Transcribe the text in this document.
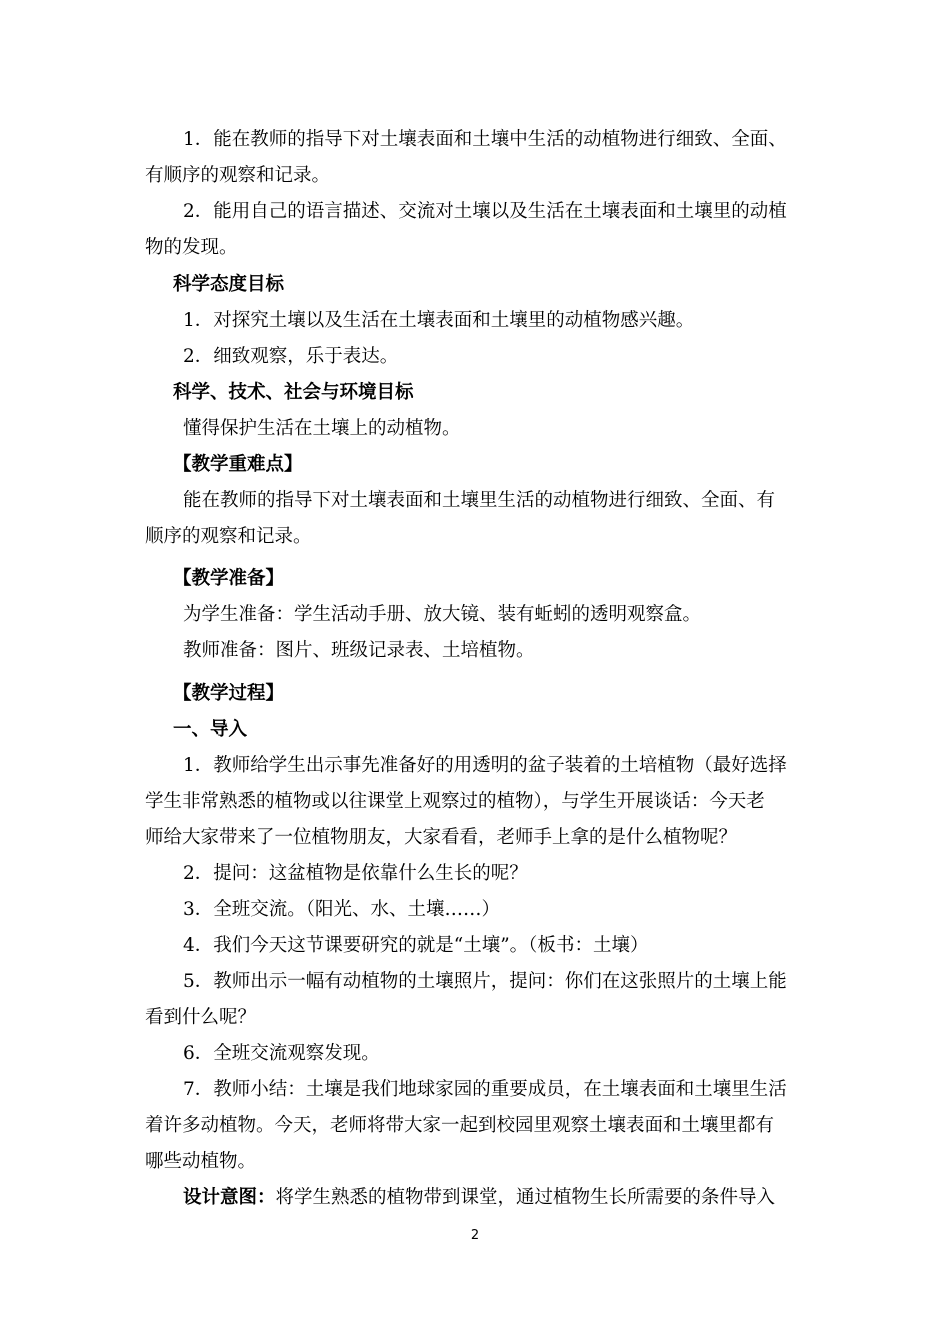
1．能在教师的指导下对土壤表面和土壤中生活的动植物进行细致、全面、
有顺序的观察和记录。
2．能用自己的语言描述、交流对土壤以及生活在土壤表面和土壤里的动植
物的发现。
科学态度目标
1．对探究土壤以及生活在土壤表面和土壤里的动植物感兴趣。
2．细致观察，乐于表达。
科学、技术、社会与环境目标
懂得保护生活在土壤上的动植物。
【教学重难点】
能在教师的指导下对土壤表面和土壤里生活的动植物进行细致、全面、有
顺序的观察和记录。
【教学准备】
为学生准备：学生活动手册、放大镜、装有蚯蚓的透明观察盒。
教师准备：图片、班级记录表、土培植物。
【教学过程】
一、导入
1．教师给学生出示事先准备好的用透明的盆子装着的土培植物（最好选择
学生非常熟悉的植物或以往课堂上观察过的植物），与学生开展谈话：今天老
师给大家带来了一位植物朋友，大家看看，老师手上拿的是什么植物呢？
2．提问：这盆植物是依靠什么生长的呢？
3．全班交流。（阳光、水、土壤……）
4．我们今天这节课要研究的就是“土壤”。（板书：土壤）
5．教师出示一幅有动植物的土壤照片，提问：你们在这张照片的土壤上能
看到什么呢？
6．全班交流观察发现。
7．教师小结：土壤是我们地球家园的重要成员，在土壤表面和土壤里生活
着许多动植物。今天，老师将带大家一起到校园里观察土壤表面和土壤里都有
哪些动植物。
设计意图：将学生熟悉的植物带到课堂，通过植物生长所需要的条件导入
2
